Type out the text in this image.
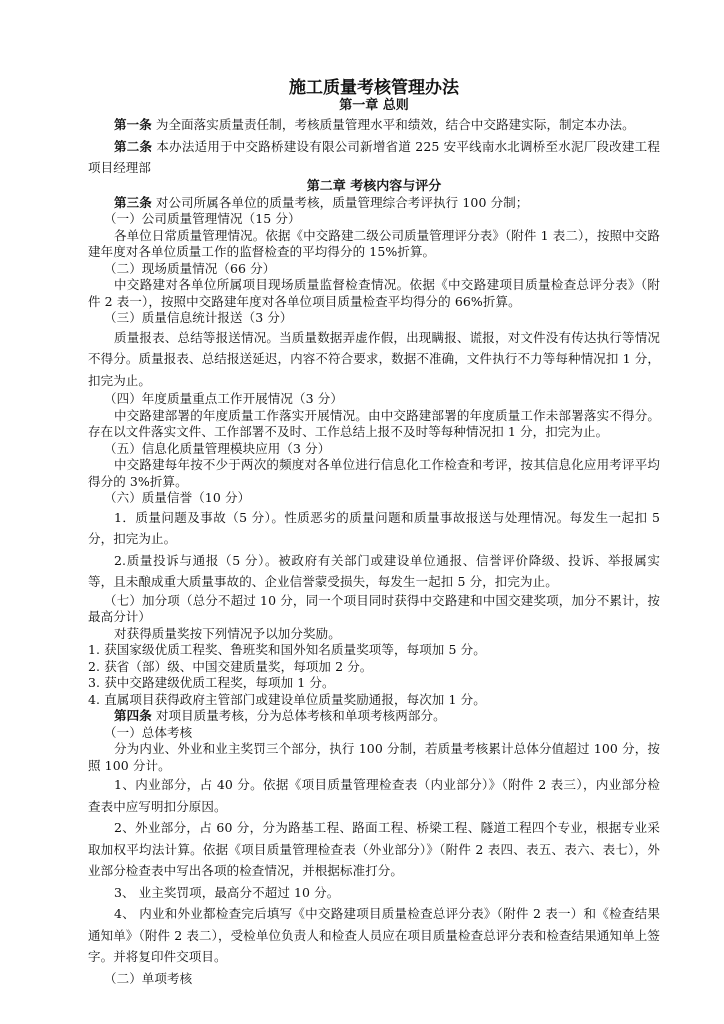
施工质量考核管理办法
第一章 总则

第一条 为全面落实质量责任制，考核质量管理水平和绩效，结合中交路建实际，制定本办法。

第二条 本办法适用于中交路桥建设有限公司新增省道 225 安平线南水北调桥至水泥厂段改建工程项目经理部

第二章 考核内容与评分

第三条 对公司所属各单位的质量考核，质量管理综合考评执行 100 分制；

（一）公司质量管理情况（15 分）

各单位日常质量管理情况。依据《中交路建二级公司质量管理评分表》（附件 1 表二），按照中交路建年度对各单位质量工作的监督检查的平均得分的 15%折算。

（二）现场质量情况（66 分）

中交路建对各单位所属项目现场质量监督检查情况。依据《中交路建项目质量检查总评分表》（附件 2 表一），按照中交路建年度对各单位项目质量检查平均得分的 66%折算。

（三）质量信息统计报送（3 分）

质量报表、总结等报送情况。当质量数据弄虚作假，出现瞒报、谎报，对文件没有传达执行等情况不得分。质量报表、总结报送延迟，内容不符合要求，数据不准确，文件执行不力等每种情况扣 1 分，扣完为止。

（四）年度质量重点工作开展情况（3 分）

中交路建部署的年度质量工作落实开展情况。由中交路建部署的年度质量工作未部署落实不得分。存在以文件落实文件、工作部署不及时、工作总结上报不及时等每种情况扣 1 分，扣完为止。

（五）信息化质量管理模块应用（3 分）

中交路建每年按不少于两次的频度对各单位进行信息化工作检查和考评，按其信息化应用考评平均得分的 3%折算。

（六）质量信誉（10 分）

1．质量问题及事故（5 分）。性质恶劣的质量问题和质量事故报送与处理情况。每发生一起扣 5 分，扣完为止。

2.质量投诉与通报（5 分）。被政府有关部门或建设单位通报、信誉评价降级、投诉、举报属实等，且未酿成重大质量事故的、企业信誉蒙受损失，每发生一起扣 5 分，扣完为止。

（七）加分项（总分不超过 10 分，同一个项目同时获得中交路建和中国交建奖项，加分不累计，按最高分计）

对获得质量奖按下列情况予以加分奖励。

1. 获国家级优质工程奖、鲁班奖和国外知名质量奖项等，每项加 5 分。

2. 获省（部）级、中国交建质量奖，每项加 2 分。

3. 获中交路建级优质工程奖，每项加 1 分。

4. 直属项目获得政府主管部门或建设单位质量奖励通报，每次加 1 分。

第四条 对项目质量考核，分为总体考核和单项考核两部分。

（一）总体考核

分为内业、外业和业主奖罚三个部分，执行 100 分制，若质量考核累计总体分值超过 100 分，按照 100 分计。

1、内业部分，占 40 分。依据《项目质量管理检查表（内业部分）》（附件 2 表三），内业部分检查表中应写明扣分原因。

2、外业部分，占 60 分，分为路基工程、路面工程、桥梁工程、隧道工程四个专业，根据专业采取加权平均法计算。依据《项目质量管理检查表（外业部分）》（附件 2 表四、表五、表六、表七），外业部分检查表中写出各项的检查情况，并根据标准打分。

3、 业主奖罚项，最高分不超过 10 分。

4、 内业和外业都检查完后填写《中交路建项目质量检查总评分表》（附件 2 表一）和《检查结果通知单》（附件 2 表二），受检单位负责人和检查人员应在项目质量检查总评分表和检查结果通知单上签字。并将复印件交项目。

（二）单项考核
